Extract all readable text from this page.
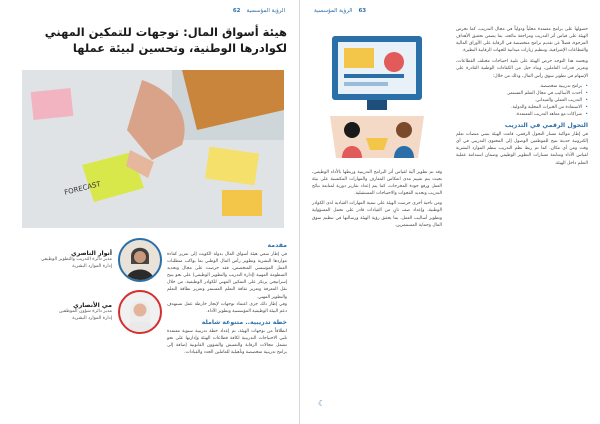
الرؤية المؤسسية
62
هيئة أسواق المال: توجهات للتمكين المهني لكوادرها الوطنية، وتحسين لبيئة عملها
FORECAST
مقدمة

في إطار سعي هيئة أسواق المال بدولة الكويت إلى تعزيز كفاءة مواردها البشرية وتطوير رأس المال الوطني بما يواكب متطلبات العمل المؤسسي المتخصص، فقد حرصت على مجال وتحديد المنظومة المهنية (إدارة التدريب والتطوير الوظيفي) على نحو يتيح إسراتيجي يرتكز على التمكين المهني للكوادر الوظيفية، من خلال نقل المعرفة وتعزيز ثقافة التعلم المستمر وتعزيز نطاقة التعلم والتطوير المهني.

وفي إطار ذلك جرى اعتماد توجهات لإنجاز خارطة عمل تستهدف دعم البيئة الوظيفية المؤسسية وتطوير الأداء.

خطة تدريبية.. متنوعة شاملة

انطلاقاً من توجهات الهيئة، تم إعداد خطة تدريبية سنوية معتمدة تلبي الاحتياجات التدريبية لكافة قطاعات الهيئة وإدارتها على نحو تشمل مجالات الرقابة والتفتيش والشؤون القانونية إضافة إلى برامج تدريبية متخصصة وتأهيلية للعاملين الجدد والقيادات.

أنوار الناصري
مدير دائرة التدريب والتطوير الوظيفي
إدارة الموارد البشرية
مي الأنصاري
مدير دائرة شؤون الموظفين
إدارة الموارد البشرية
63
الرؤية المؤسسية

حصولها على برامج معتمدة محلياً ودولياً في مجال التدريب، كما تحرص الهيئة على قياس أثر التدريب ومراجعة نتائجه، بما يضمن تحقيق الأهداف المرجوة، فضلاً عن تقديم برامج متخصصة في الرقابة على الأوراق المالية والقطاعات الإشرافية، وتنظيم زيارات ميدانية للجهات الرقابية النظيرة.

ويجسد هذا التوجه حرص الهيئة على تلبية احتياجات مختلف القطاعات، وتعزيز قدرات العاملين، وبناء جيل من الكفاءات الوطنية القادرة على الإسهام في تطوير سوق رأس المال، وذلك من خلال:

• برامج تدريبية متخصصة.
• أحدث الأساليب في مجال التعلم المستمر.
• التدريب العملي والميداني.
• الاستفادة من الخبرات المحلية والدولية.
• شراكات مع معاهد التدريب المعتمدة.
التحول الرقمي في التدريب

في إطار مواكبة مسار التحول الرقمي، قامت الهيئة بتبني منصات تعلم إلكترونية حديثة تتيح للموظفين الوصول إلى المحتوى التدريبي في أي وقت ومن أي مكان، كما تم ربط نظم التدريب بنظم الموارد البشرية لقياس الأداء ومتابعة مسارات التطوير الوظيفي وضمان استدامة عملية التعلم داخل الهيئة.

وقد تم تطوير آلية لقياس أثر البرامج التدريبية وربطها بالأداء الوظيفي، بحيث يتم تقييم مدى انعكاس المعارف والمهارات المكتسبة على بيئة العمل ورفع جودة المخرجات، كما يتم إعداد تقارير دورية لمتابعة نتائج التدريب وتحديد الفجوات والاحتياجات المستقبلية.

ومن ناحية أخرى حرصت الهيئة على تنمية المهارات القيادية لدى الكوادر الوطنية، وإعداد صف ثانٍ من القيادات قادر على تحمل المسؤولية وتطوير أساليب العمل، بما يحقق رؤية الهيئة ورسالتها في تنظيم سوق المال وحماية المستثمرين.

☾
